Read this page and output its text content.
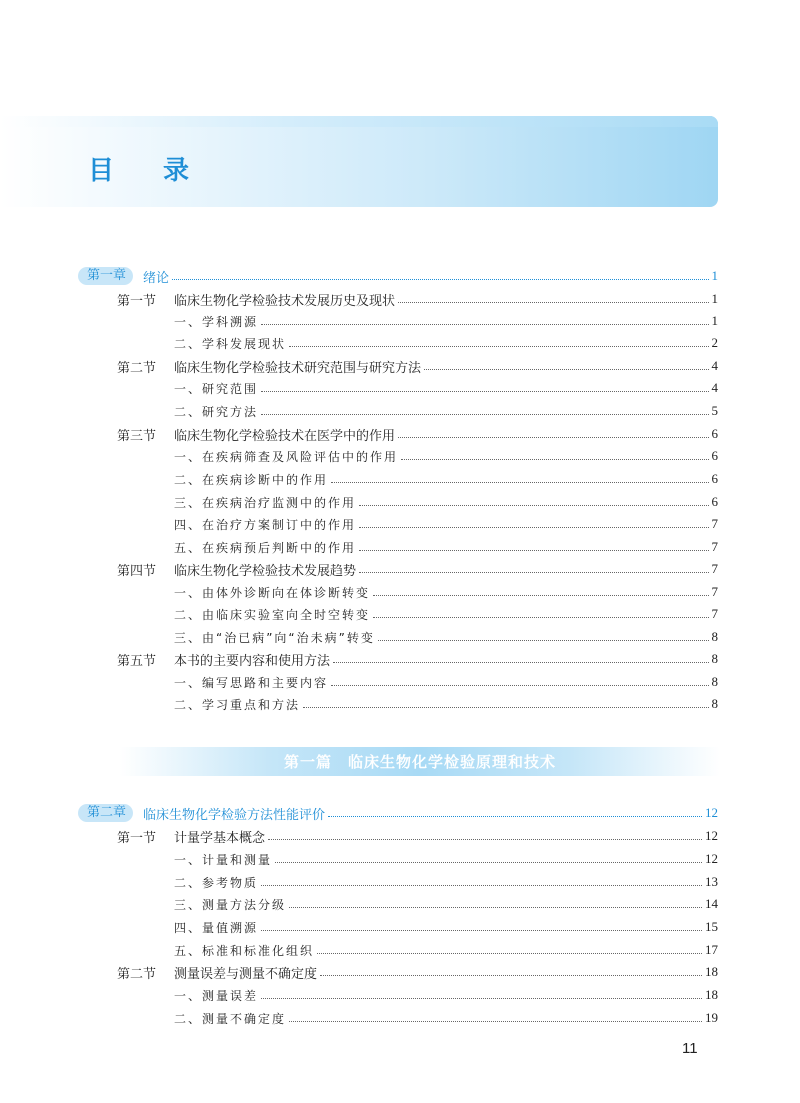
目 录
第一章	绪论	1
第一节	临床生物化学检验技术发展历史及现状	1
一、学科溯源	1
二、学科发展现状	2
第二节	临床生物化学检验技术研究范围与研究方法	4
一、研究范围	4
二、研究方法	5
第三节	临床生物化学检验技术在医学中的作用	6
一、在疾病筛查及风险评估中的作用	6
二、在疾病诊断中的作用	6
三、在疾病治疗监测中的作用	6
四、在治疗方案制订中的作用	7
五、在疾病预后判断中的作用	7
第四节	临床生物化学检验技术发展趋势	7
一、由体外诊断向在体诊断转变	7
二、由临床实验室向全时空转变	7
三、由“治已病”向“治未病”转变	8
第五节	本书的主要内容和使用方法	8
一、编写思路和主要内容	8
二、学习重点和方法	8
第一篇　临床生物化学检验原理和技术
第二章	临床生物化学检验方法性能评价	12
第一节	计量学基本概念	12
一、计量和测量	12
二、参考物质	13
三、测量方法分级	14
四、量值溯源	15
五、标准和标准化组织	17
第二节	测量误差与测量不确定度	18
一、测量误差	18
二、测量不确定度	19
11
